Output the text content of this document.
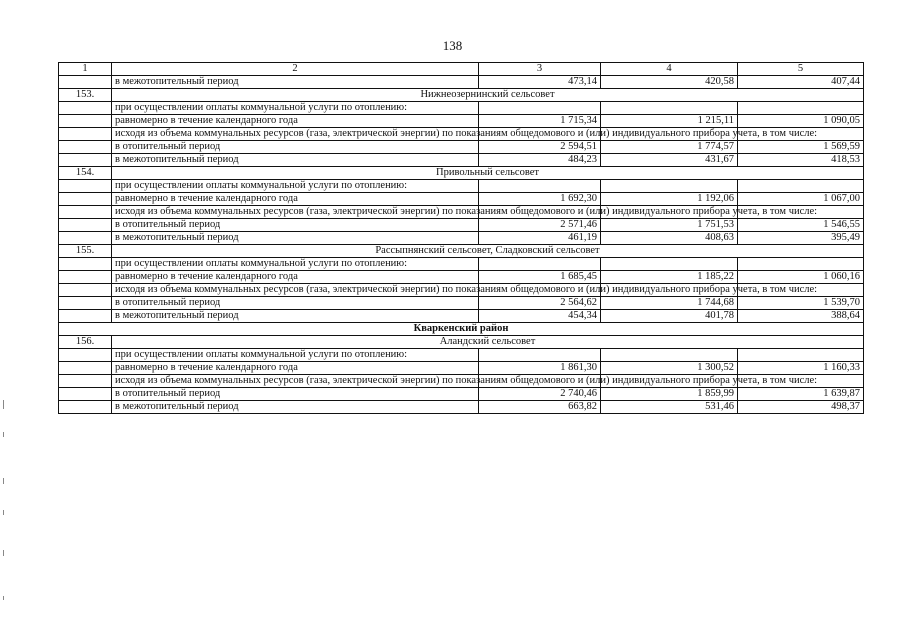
138
1	2	3	4	5
	в межотопительный период	473,14	420,58	407,44
153.	Нижнеозернинский сельсовет			
	при осуществлении оплаты коммунальной услуги по отоплению:			
	равномерно в течение календарного года	1 715,34	1 215,11	1 090,05
	исходя из объема коммунальных ресурсов (газа, электрической энергии) по показаниям общедомового и (или) индивидуального прибора учета, в том числе:			
	в отопительный период	2 594,51	1 774,57	1 569,59
	в межотопительный период	484,23	431,67	418,53
154.	Привольный сельсовет			
	при осуществлении оплаты коммунальной услуги по отоплению:			
	равномерно в течение календарного года	1 692,30	1 192,06	1 067,00
	исходя из объема коммунальных ресурсов (газа, электрической энергии) по показаниям общедомового и (или) индивидуального прибора учета, в том числе:			
	в отопительный период	2 571,46	1 751,53	1 546,55
	в межотопительный период	461,19	408,63	395,49
155.	Рассыпнянский сельсовет, Сладковский сельсовет			
	при осуществлении оплаты коммунальной услуги по отоплению:			
	равномерно в течение календарного года	1 685,45	1 185,22	1 060,16
	исходя из объема коммунальных ресурсов (газа, электрической энергии) по показаниям общедомового и (или) индивидуального прибора учета, в том числе:			
	в отопительный период	2 564,62	1 744,68	1 539,70
	в межотопительный период	454,34	401,78	388,64
Кваркенский район				
156.	Аландский сельсовет			
	при осуществлении оплаты коммунальной услуги по отоплению:			
	равномерно в течение календарного года	1 861,30	1 300,52	1 160,33
	исходя из объема коммунальных ресурсов (газа, электрической энергии) по показаниям общедомового и (или) индивидуального прибора учета, в том числе:			
	в отопительный период	2 740,46	1 859,99	1 639,87
	в межотопительный период	663,82	531,46	498,37
